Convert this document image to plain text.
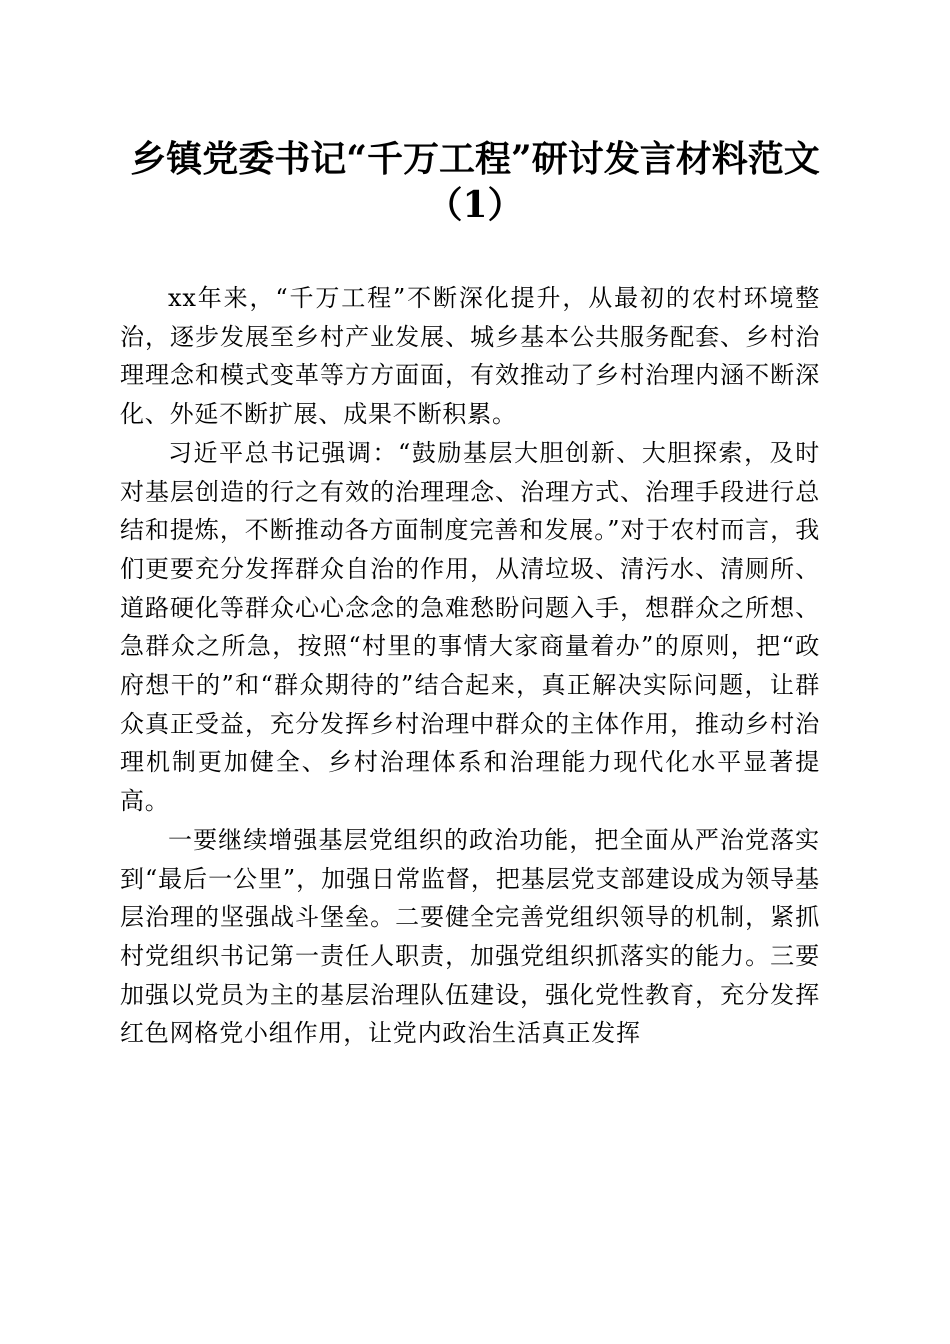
乡镇党委书记“千万工程”研讨发言材料范文
（1）

xx年来，“千万工程”不断深化提升，从最初的农村环境整治，逐步发展至乡村产业发展、城乡基本公共服务配套、乡村治理理念和模式变革等方方面面，有效推动了乡村治理内涵不断深化、外延不断扩展、成果不断积累。

习近平总书记强调：“鼓励基层大胆创新、大胆探索，及时对基层创造的行之有效的治理理念、治理方式、治理手段进行总结和提炼，不断推动各方面制度完善和发展。”对于农村而言，我们更要充分发挥群众自治的作用，从清垃圾、清污水、清厕所、道路硬化等群众心心念念的急难愁盼问题入手，想群众之所想、急群众之所急，按照“村里的事情大家商量着办”的原则，把“政府想干的”和“群众期待的”结合起来，真正解决实际问题，让群众真正受益，充分发挥乡村治理中群众的主体作用，推动乡村治理机制更加健全、乡村治理体系和治理能力现代化水平显著提高。

一要继续增强基层党组织的政治功能，把全面从严治党落实到“最后一公里”，加强日常监督，把基层党支部建设成为领导基层治理的坚强战斗堡垒。二要健全完善党组织领导的机制，紧抓村党组织书记第一责任人职责，加强党组织抓落实的能力。三要加强以党员为主的基层治理队伍建设，强化党性教育，充分发挥红色网格党小组作用，让党内政治生活真正发挥
